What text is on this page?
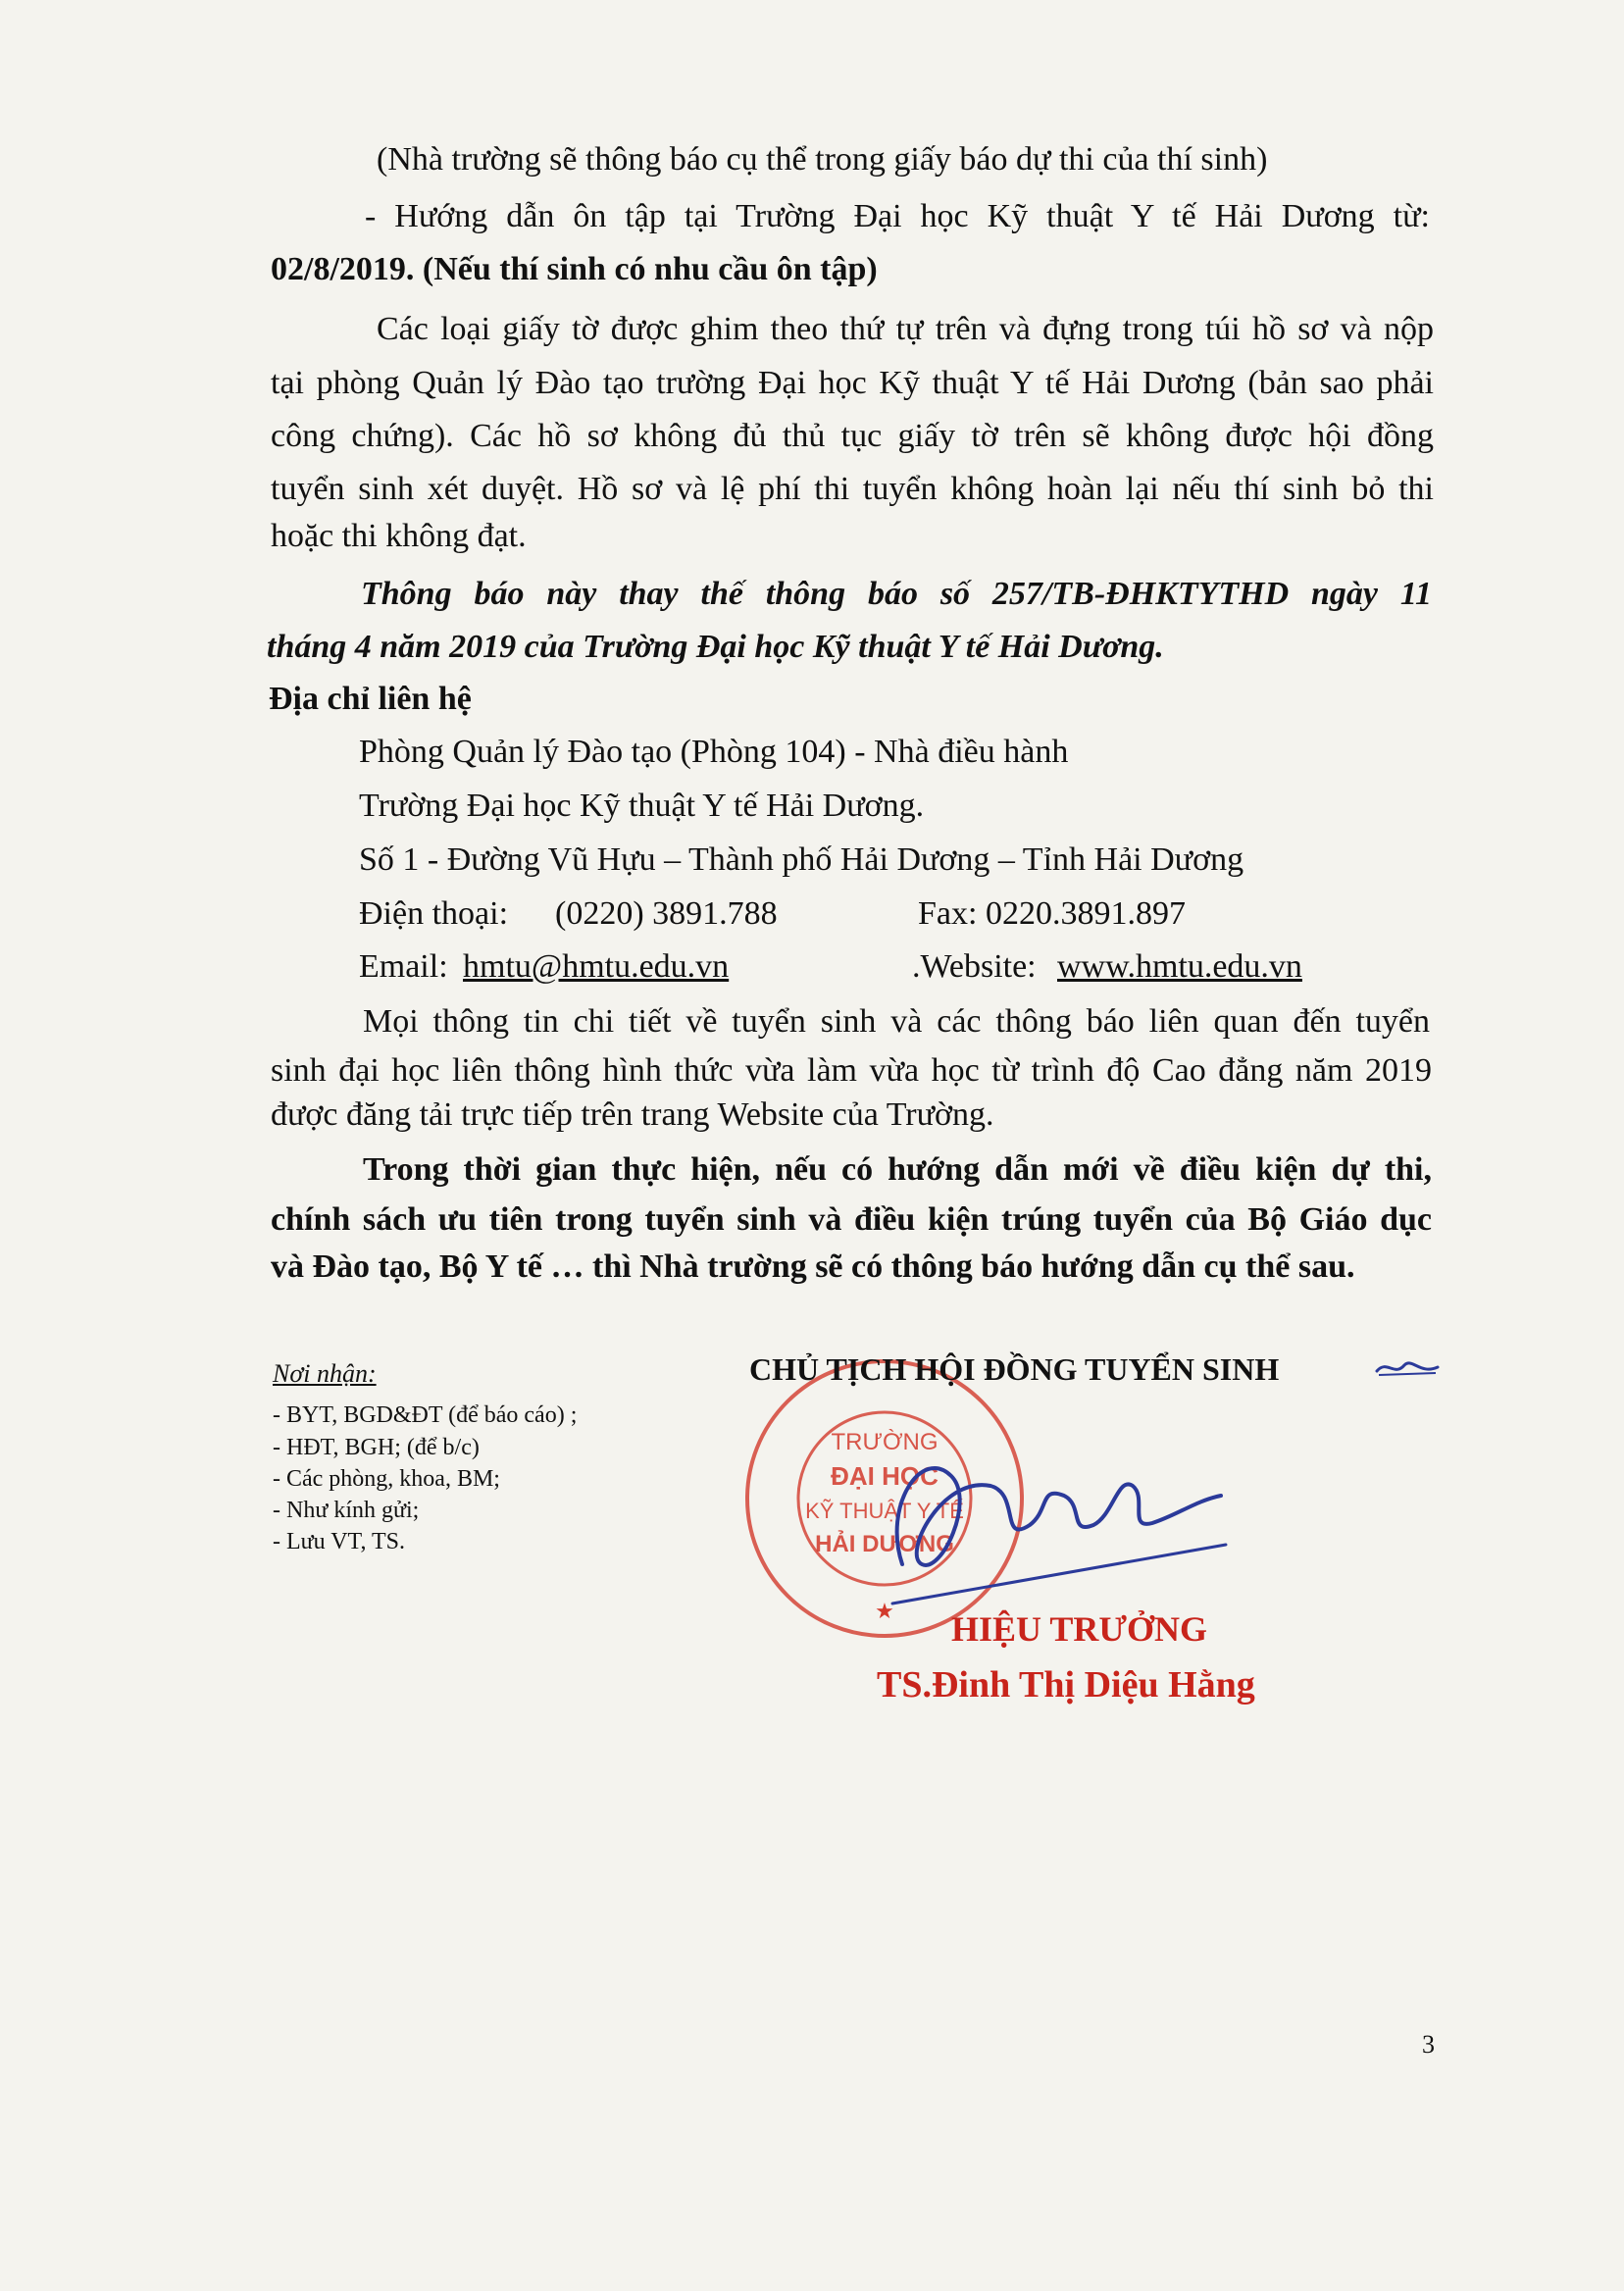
(Nhà trường sẽ thông báo cụ thể trong giấy báo dự thi của thí sinh)
- Hướng dẫn ôn tập tại Trường Đại học Kỹ thuật Y tế Hải Dương từ:
02/8/2019. (Nếu thí sinh có nhu cầu ôn tập)
Các loại giấy tờ được ghim theo thứ tự trên và đựng trong túi hồ sơ và nộp
tại phòng Quản lý Đào tạo trường Đại học Kỹ thuật Y tế Hải Dương (bản sao phải
công chứng). Các hồ sơ không đủ thủ tục giấy tờ trên sẽ không được hội đồng
tuyển sinh xét duyệt. Hồ sơ và lệ phí thi tuyển không hoàn lại nếu thí sinh bỏ thi
hoặc thi không đạt.
Thông báo này thay thế thông báo số 257/TB-ĐHKTYTHD ngày 11
tháng 4 năm 2019 của Trường Đại học Kỹ thuật Y tế Hải Dương.
Địa chỉ liên hệ
Phòng Quản lý Đào tạo (Phòng 104) - Nhà điều hành
Trường Đại học Kỹ thuật Y tế Hải Dương.
Số 1 - Đường Vũ Hựu – Thành phố Hải Dương – Tỉnh Hải Dương
Điện thoại: (0220) 3891.788	Fax: 0220.3891.897
Email: hmtu@hmtu.edu.vn	.Website: www.hmtu.edu.vn
Mọi thông tin chi tiết về tuyển sinh và các thông báo liên quan đến tuyển
sinh đại học liên thông hình thức vừa làm vừa học từ trình độ Cao đẳng năm 2019
được đăng tải trực tiếp trên trang Website của Trường.
Trong thời gian thực hiện, nếu có hướng dẫn mới về điều kiện dự thi,
chính sách ưu tiên trong tuyển sinh và điều kiện trúng tuyển của Bộ Giáo dục
và Đào tạo, Bộ Y tế … thì Nhà trường sẽ có thông báo hướng dẫn cụ thể sau.
Nơi nhận:
- BYT, BGD&ĐT (để báo cáo) ;
- HĐT, BGH; (để b/c)
- Các phòng, khoa, BM;
- Như kính gửi;
- Lưu VT, TS.
TRƯỜNG
ĐẠI HỌC
KỸ THUẬT Y TẾ
HẢI DƯƠNG
★
CHỦ TỊCH HỘI ĐỒNG TUYỂN SINH
HIỆU TRƯỞNG
TS.Đinh Thị Diệu Hằng
3
